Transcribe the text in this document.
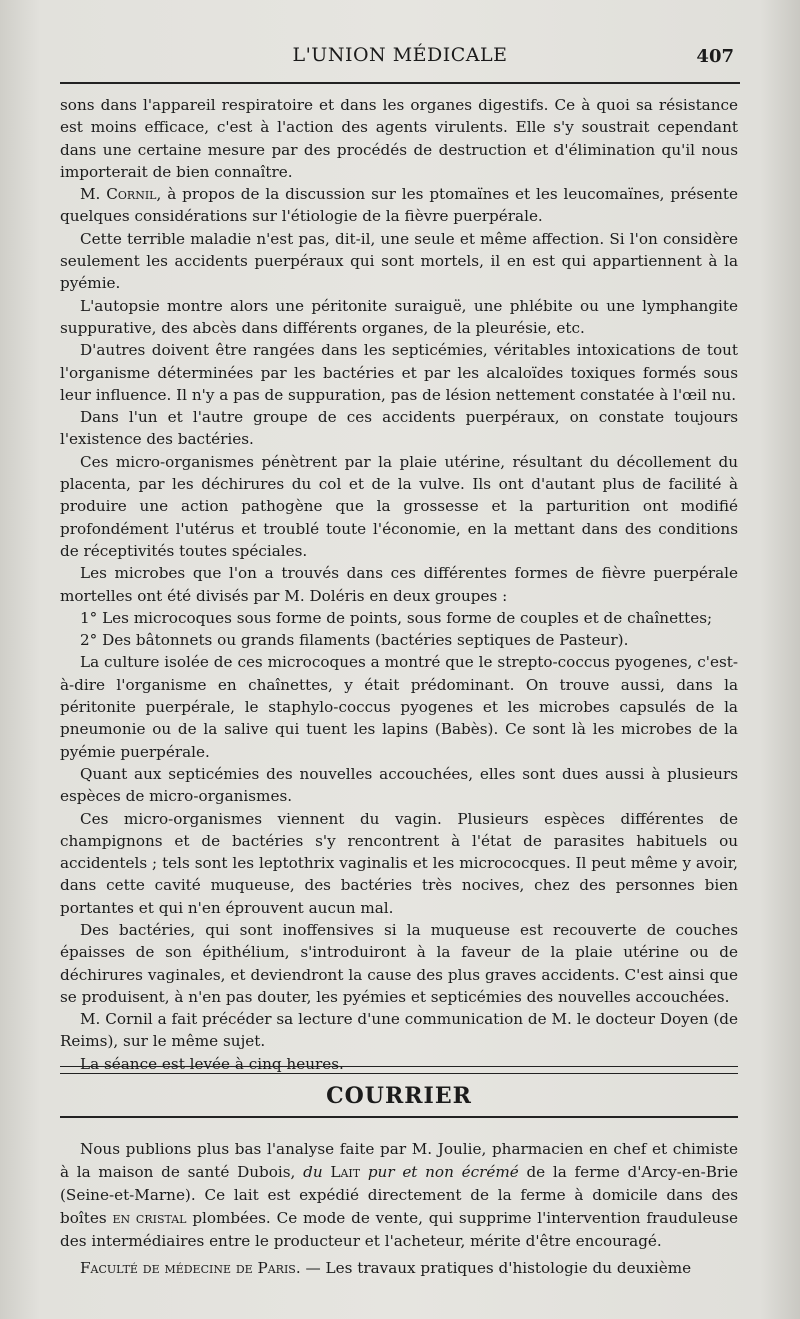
L'UNION MÉDICALE	407

sons dans l'appareil respiratoire et dans les organes digestifs. Ce à quoi sa résistance est moins efficace, c'est à l'action des agents virulents. Elle s'y soustrait cependant dans une certaine mesure par des procédés de destruction et d'élimination qu'il nous importerait de bien connaître.

M. Cornil, à propos de la discussion sur les ptomaïnes et les leucomaïnes, présente quelques considérations sur l'étiologie de la fièvre puerpérale.

Cette terrible maladie n'est pas, dit-il, une seule et même affection. Si l'on considère seulement les accidents puerpéraux qui sont mortels, il en est qui appartiennent à la pyémie.

L'autopsie montre alors une péritonite suraiguë, une phlébite ou une lymphangite suppurative, des abcès dans différents organes, de la pleurésie, etc.

D'autres doivent être rangées dans les septicémies, véritables intoxications de tout l'organisme déterminées par les bactéries et par les alcaloïdes toxiques formés sous leur influence. Il n'y a pas de suppuration, pas de lésion nettement constatée à l'œil nu.

Dans l'un et l'autre groupe de ces accidents puerpéraux, on constate toujours l'existence des bactéries.

Ces micro-organismes pénètrent par la plaie utérine, résultant du décollement du placenta, par les déchirures du col et de la vulve. Ils ont d'autant plus de facilité à produire une action pathogène que la grossesse et la parturition ont modifié profondément l'utérus et troublé toute l'économie, en la mettant dans des conditions de réceptivités toutes spéciales.

Les microbes que l'on a trouvés dans ces différentes formes de fièvre puerpérale mortelles ont été divisés par M. Doléris en deux groupes :

1° Les microcoques sous forme de points, sous forme de couples et de chaînettes;

2° Des bâtonnets ou grands filaments (bactéries septiques de Pasteur).

La culture isolée de ces microcoques a montré que le strepto-coccus pyogenes, c'est-à-dire l'organisme en chaînettes, y était prédominant. On trouve aussi, dans la péritonite puerpérale, le staphylo-coccus pyogenes et les microbes capsulés de la pneumonie ou de la salive qui tuent les lapins (Babès). Ce sont là les microbes de la pyémie puerpérale.

Quant aux septicémies des nouvelles accouchées, elles sont dues aussi à plusieurs espèces de micro-organismes.

Ces micro-organismes viennent du vagin. Plusieurs espèces différentes de champignons et de bactéries s'y rencontrent à l'état de parasites habituels ou accidentels ; tels sont les leptothrix vaginalis et les micrococques. Il peut même y avoir, dans cette cavité muqueuse, des bactéries très nocives, chez des personnes bien portantes et qui n'en éprouvent aucun mal.

Des bactéries, qui sont inoffensives si la muqueuse est recouverte de couches épaisses de son épithélium, s'introduiront à la faveur de la plaie utérine ou de déchirures vaginales, et deviendront la cause des plus graves accidents. C'est ainsi que se produisent, à n'en pas douter, les pyémies et septicémies des nouvelles accouchées.

M. Cornil a fait précéder sa lecture d'une communication de M. le docteur Doyen (de Reims), sur le même sujet.

La séance est levée à cinq heures.

COURRIER

Nous publions plus bas l'analyse faite par M. Joulie, pharmacien en chef et chimiste à la maison de santé Dubois, du Lait pur et non écrémé de la ferme d'Arcy-en-Brie (Seine-et-Marne). Ce lait est expédié directement de la ferme à domicile dans des boîtes en cristal plombées. Ce mode de vente, qui supprime l'intervention frauduleuse des intermédiaires entre le producteur et l'acheteur, mérite d'être encouragé.

Faculté de médecine de Paris. — Les travaux pratiques d'histologie du deuxième
